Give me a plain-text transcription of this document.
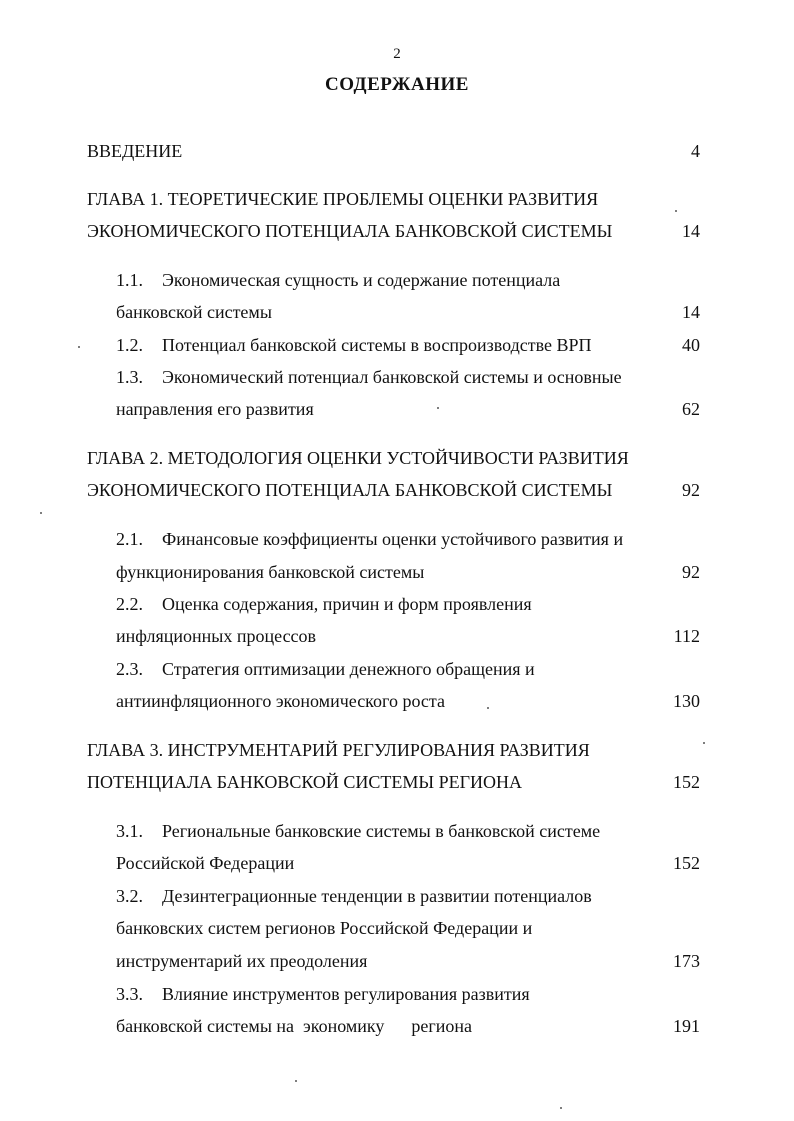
2
СОДЕРЖАНИЕ
ВВЕДЕНИЕ	4
ГЛАВА 1. ТЕОРЕТИЧЕСКИЕ ПРОБЛЕМЫ ОЦЕНКИ РАЗВИТИЯ
ЭКОНОМИЧЕСКОГО ПОТЕНЦИАЛА БАНКОВСКОЙ СИСТЕМЫ	14
1.1. Экономическая сущность и содержание потенциала
банковской системы	14
1.2. Потенциал банковской системы в воспроизводстве ВРП	40
1.3. Экономический потенциал банковской системы и основные
направления его развития	62
ГЛАВА 2. МЕТОДОЛОГИЯ ОЦЕНКИ УСТОЙЧИВОСТИ РАЗВИТИЯ
ЭКОНОМИЧЕСКОГО ПОТЕНЦИАЛА БАНКОВСКОЙ СИСТЕМЫ	92
2.1. Финансовые коэффициенты оценки устойчивого развития и
функционирования банковской системы	92
2.2. Оценка содержания, причин и форм проявления
инфляционных процессов	112
2.3. Стратегия оптимизации денежного обращения и
антиинфляционного экономического роста	130
ГЛАВА 3. ИНСТРУМЕНТАРИЙ РЕГУЛИРОВАНИЯ РАЗВИТИЯ
ПОТЕНЦИАЛА БАНКОВСКОЙ СИСТЕМЫ РЕГИОНА	152
3.1. Региональные банковские системы в банковской системе
Российской Федерации	152
3.2. Дезинтеграционные тенденции в развитии потенциалов
банковских систем регионов Российской Федерации и
инструментарий их преодоления	173
3.3. Влияние инструментов регулирования развития
банковской системы на  экономику      региона	191
